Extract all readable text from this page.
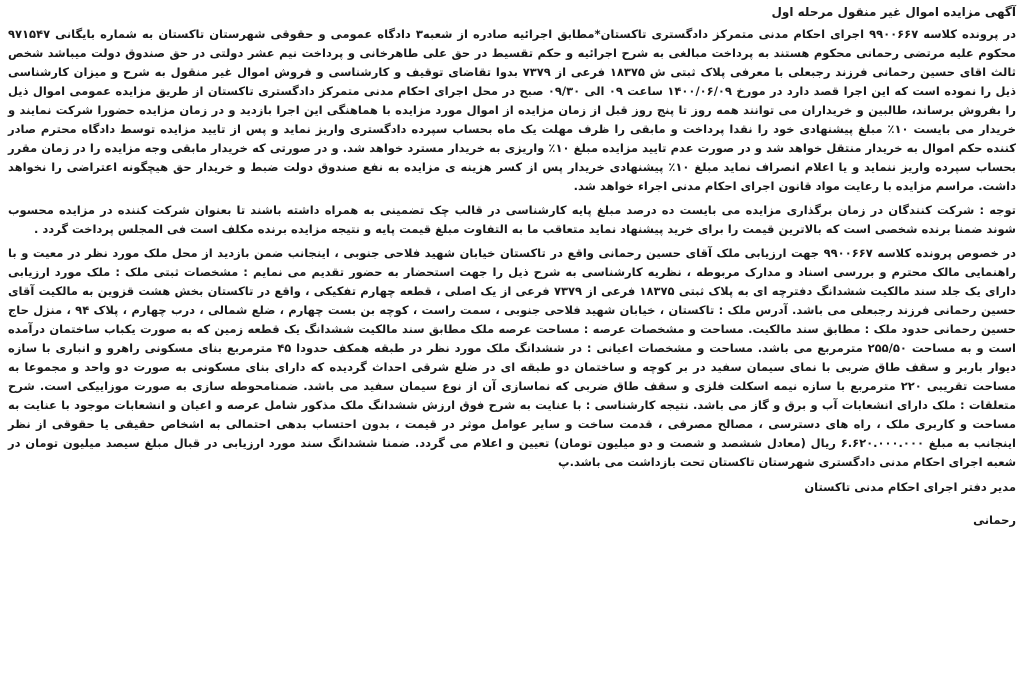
آگهی مزایده اموال غیر منقول مرحله اول
در پرونده کلاسه ۹۹۰۰۶۶۷ اجرای احکام مدنی متمرکز دادگستری تاکستان*مطابق اجرائیه صادره از شعبه۳ دادگاه عمومی و حقوقی شهرستان تاکستان به شماره بایگانی ۹۷۱۵۴۷ محکوم علیه مرتضی رحمانی محکوم هستند به پرداخت مبالغی به شرح اجرائیه و حکم تقسیط در حق علی طاهرخانی و پرداخت نیم عشر دولتی در حق صندوق دولت میباشد شخص ثالث اقای حسین رحمانی فرزند رجبعلی با معرفی پلاک ثبتی ش ۱۸۳۷۵ فرعی از ۷۳۷۹ بدوا تقاضای توقیف و کارشناسی و فروش اموال غیر منقول به شرح و میزان کارشناسی ذیل را نموده است که این اجرا قصد دارد در مورخ ۱۴۰۰/۰۶/۰۹ ساعت ۰۹ الی ۰۹/۳۰ صبح در محل اجرای احکام مدنی متمرکز دادگستری تاکستان از طریق مزایده عمومی اموال ذیل را بفروش برساند، طالبین و خریداران می توانند همه روز تا پنج روز قبل از زمان مزایده از اموال مورد مزایده با هماهنگی این اجرا بازدید و در زمان مزایده حضورا شرکت نمایند و خریدار می بایست ۱۰٪ مبلغ پیشنهادی خود را نقدا پرداخت و مابقی را ظرف مهلت یک ماه بحساب سپرده دادگستری واریز نماید و پس از تایید مزایده توسط دادگاه محترم صادر کننده حکم اموال به خریدار منتقل خواهد شد و در صورت عدم تایید مزایده مبلغ ۱۰٪ واریزی به خریدار مسترد خواهد شد. و در صورتی که خریدار مابقی وجه مزایده را در زمان مقرر بحساب سپرده واریز ننماید و یا اعلام انصراف نماید مبلغ ۱۰٪ پیشنهادی خریدار پس از کسر هزینه ی مزایده به نفع صندوق دولت ضبط و خریدار حق هیچگونه اعتراضی را نخواهد داشت. مراسم مزایده با رعایت مواد قانون اجرای احکام مدنی اجراء خواهد شد.
توجه : شرکت کنندگان در زمان برگذاری مزایده می بایست ده درصد مبلغ پایه کارشناسی در قالب چک تضمینی به همراه داشته باشند تا بعنوان شرکت کننده در مزایده محسوب شوند ضمنا برنده شخصی است که بالاترین قیمت را برای خرید پیشنهاد نماید متعاقب ما به التفاوت مبلغ قیمت پایه و نتیجه مزایده برنده مکلف است فی المجلس پرداخت گردد .
در خصوص پرونده کلاسه ۹۹۰۰۶۶۷ جهت ارزیابی ملک آقای حسین رحمانی واقع در تاکستان خیابان شهید فلاحی جنوبی ، اینجانب ضمن بازدید از محل ملک مورد نظر در معیت و با راهنمایی مالک محترم و بررسی اسناد و مدارک مربوطه ، نظریه کارشناسی به شرح ذیل را جهت استحضار به حضور تقدیم می نمایم : مشخصات ثبتی ملک : ملک مورد ارزیابی دارای یک جلد سند مالکیت ششدانگ دفترچه ای به پلاک ثبتی ۱۸۳۷۵ فرعی از ۷۳۷۹ فرعی از یک اصلی ، قطعه چهارم تفکیکی ، واقع در تاکستان بخش هشت قزوین به مالکیت آقای حسین رحمانی فرزند رجبعلی می باشد. آدرس ملک : تاکستان ، خیابان شهید فلاحی جنوبی ، سمت راست ، کوچه بن بست چهارم ، ضلع شمالی ، درب چهارم ، پلاک ۹۴ ، منزل حاج حسین رحمانی حدود ملک : مطابق سند مالکیت. مساحت و مشخصات عرصه : مساحت عرصه ملک مطابق سند مالکیت ششدانگ یک قطعه زمین که به صورت یکباب ساختمان درآمده است و به مساحت ۲۵۵/۵۰ مترمربع می باشد. مساحت و مشخصات اعیانی : در ششدانگ ملک مورد نظر در طبقه همکف حدودا ۴۵ مترمربع بنای مسکونی راهرو و انباری با سازه دیوار باربر و سقف طاق ضربی با نمای سیمان سفید در بر کوچه و ساختمان دو طبقه ای در ضلع شرقی احداث گردیده که دارای بنای مسکونی به صورت دو واحد و مجموعا به مساحت تقریبی ۲۲۰ مترمربع با سازه نیمه اسکلت فلزی و سقف طاق ضربی که نماسازی آن از نوع سیمان سفید می باشد. ضمنامحوطه سازی به صورت موزاییکی است. شرح متعلقات : ملک دارای انشعابات آب و برق و گاز می باشد. نتیجه کارشناسی : با عنایت به شرح فوق ارزش ششدانگ ملک مذکور شامل عرصه و اعیان و انشعابات موجود با عنایت به مساحت و کاربری ملک ، راه های دسترسی ، مصالح مصرفی ، قدمت ساخت و سایر عوامل موثر در قیمت ، بدون احتساب بدهی احتمالی به اشخاص حقیقی یا حقوقی از نظر اینجانب به مبلغ ۶.۶۲۰.۰۰۰.۰۰۰ ریال (معادل ششصد و شصت و دو میلیون تومان) تعیین و اعلام می گردد. ضمنا ششدانگ سند مورد ارزیابی در قبال مبلغ سیصد میلیون تومان در شعبه اجرای احکام مدنی دادگستری شهرستان تاکستان تحت بازداشت می باشد.پ
مدیر دفتر اجرای احکام مدنی تاکستان
رحمانی
